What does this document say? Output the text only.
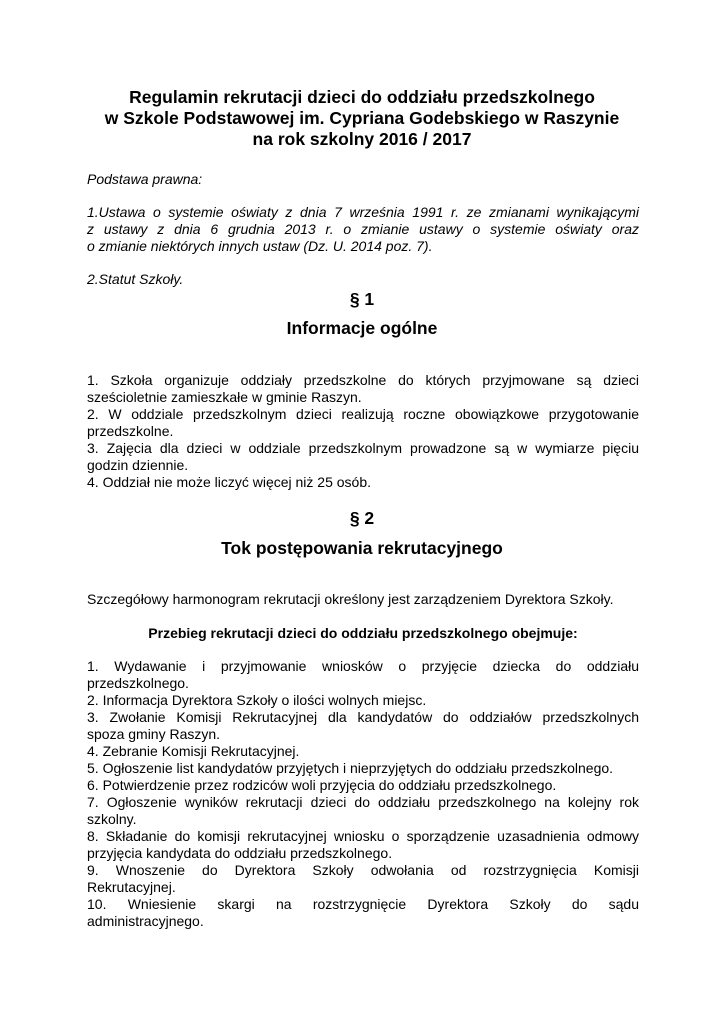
Regulamin rekrutacji dzieci do oddziału przedszkolnego
w Szkole Podstawowej im. Cypriana Godebskiego w Raszynie
na rok szkolny 2016 / 2017
Podstawa prawna:
1.Ustawa o systemie oświaty z dnia 7 września 1991 r. ze zmianami wynikającymi
z ustawy z dnia 6 grudnia 2013 r. o zmianie ustawy o systemie oświaty oraz
o zmianie niektórych innych ustaw (Dz. U. 2014 poz. 7).
2.Statut Szkoły.
§ 1
Informacje ogólne
1. Szkoła organizuje oddziały przedszkolne do których przyjmowane są dzieci
sześcioletnie zamieszkałe w gminie Raszyn.
2. W oddziale przedszkolnym dzieci realizują roczne obowiązkowe przygotowanie
przedszkolne.
3. Zajęcia dla dzieci w oddziale przedszkolnym prowadzone są w wymiarze pięciu
godzin dziennie.
4. Oddział nie może liczyć więcej niż 25 osób.
§ 2
Tok postępowania rekrutacyjnego
Szczegółowy harmonogram rekrutacji określony jest zarządzeniem Dyrektora Szkoły.
Przebieg rekrutacji dzieci do oddziału przedszkolnego obejmuje:
1. Wydawanie i przyjmowanie wniosków o przyjęcie dziecka do oddziału
przedszkolnego.
2. Informacja Dyrektora Szkoły o ilości wolnych miejsc.
3. Zwołanie Komisji Rekrutacyjnej dla kandydatów do oddziałów przedszkolnych
spoza gminy Raszyn.
4. Zebranie Komisji Rekrutacyjnej.
5. Ogłoszenie list kandydatów przyjętych i nieprzyjętych do oddziału przedszkolnego.
6. Potwierdzenie przez rodziców woli przyjęcia do oddziału przedszkolnego.
7. Ogłoszenie wyników rekrutacji dzieci do oddziału przedszkolnego na kolejny rok
szkolny.
8. Składanie do komisji rekrutacyjnej wniosku o sporządzenie uzasadnienia odmowy
przyjęcia kandydata do oddziału przedszkolnego.
9. Wnoszenie do Dyrektora Szkoły odwołania od rozstrzygnięcia Komisji
Rekrutacyjnej.
10. Wniesienie skargi na rozstrzygnięcie Dyrektora Szkoły do sądu
administracyjnego.
